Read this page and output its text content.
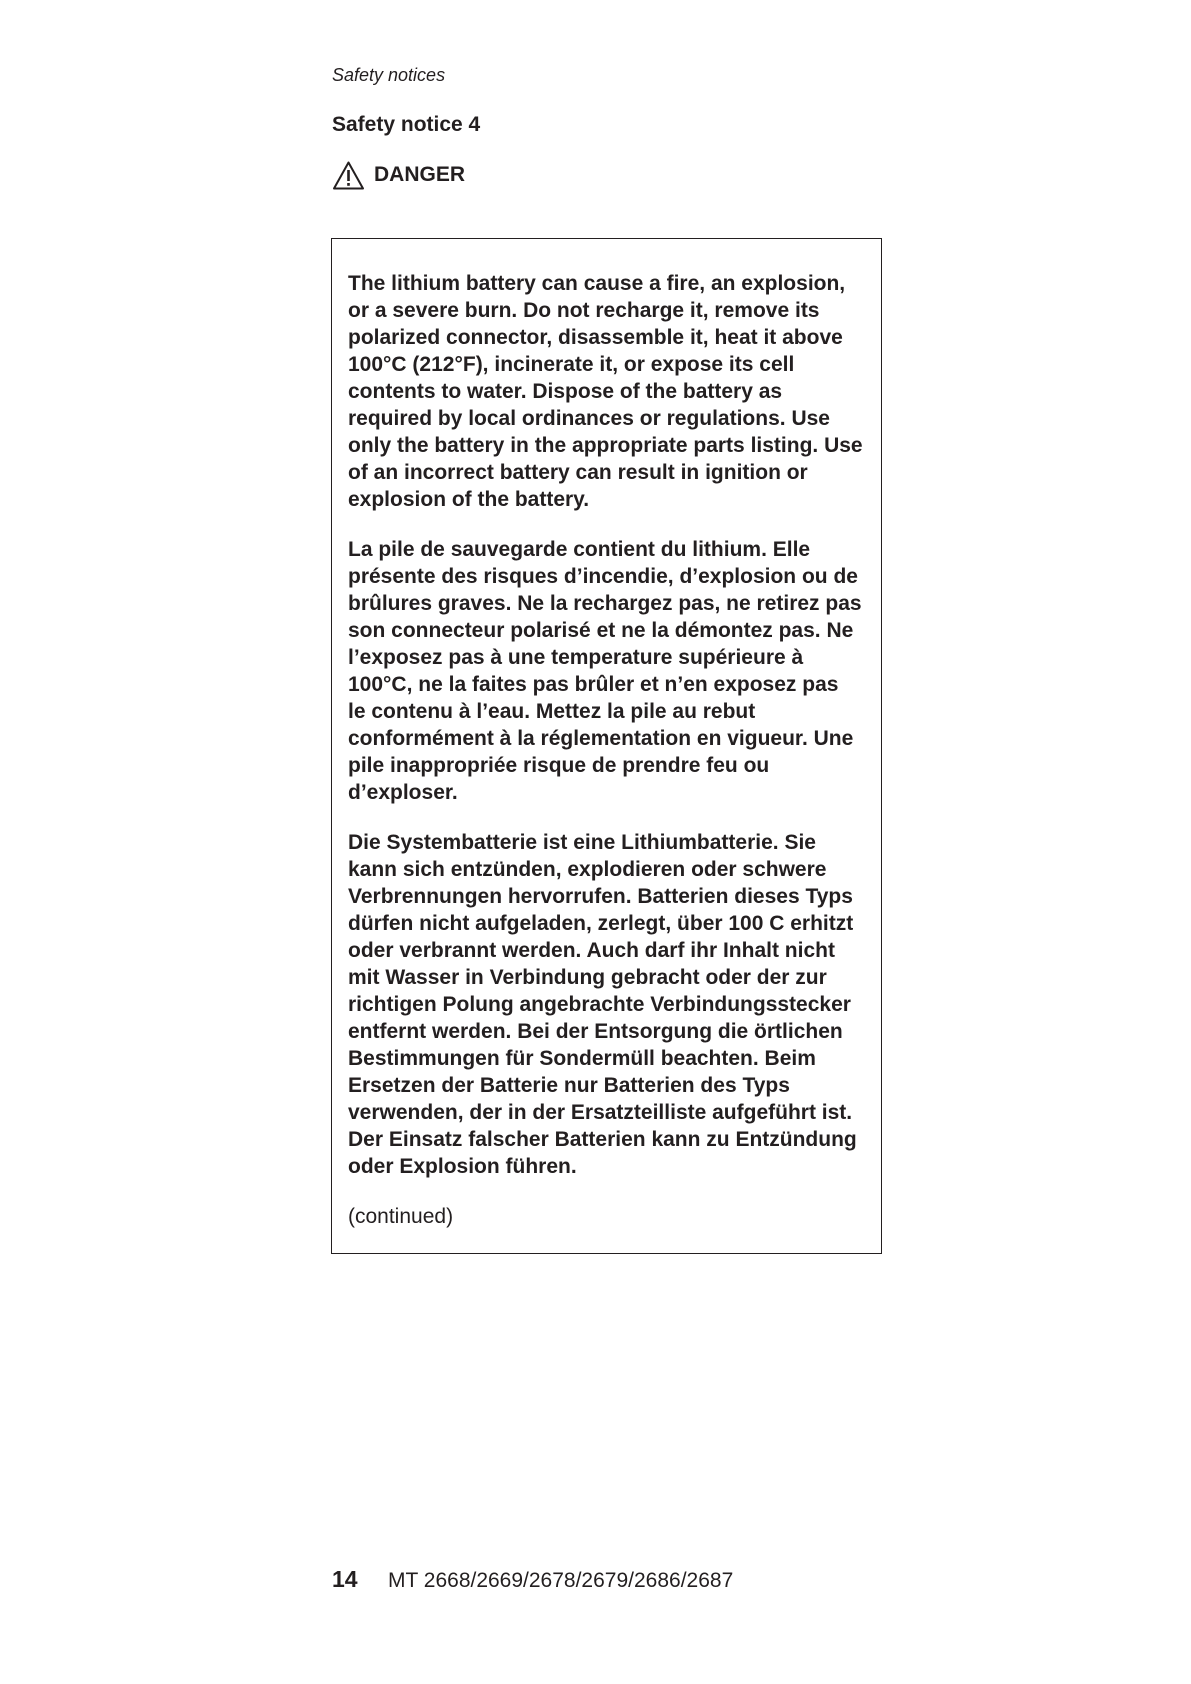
Safety notices
Safety notice 4
DANGER

The lithium battery can cause a fire, an explosion,
or a severe burn. Do not recharge it, remove its
polarized connector, disassemble it, heat it above
100°C (212°F), incinerate it, or expose its cell
contents to water. Dispose of the battery as
required by local ordinances or regulations. Use
only the battery in the appropriate parts listing. Use
of an incorrect battery can result in ignition or
explosion of the battery.

La pile de sauvegarde contient du lithium. Elle
présente des risques d’incendie, d’explosion ou de
brûlures graves. Ne la rechargez pas, ne retirez pas
son connecteur polarisé et ne la démontez pas. Ne
l’exposez pas à une temperature supérieure à
100°C, ne la faites pas brûler et n’en exposez pas
le contenu à l’eau. Mettez la pile au rebut
conformément à la réglementation en vigueur. Une
pile inappropriée risque de prendre feu ou
d’exploser.

Die Systembatterie ist eine Lithiumbatterie. Sie
kann sich entzünden, explodieren oder schwere
Verbrennungen hervorrufen. Batterien dieses Typs
dürfen nicht aufgeladen, zerlegt, über 100 C erhitzt
oder verbrannt werden. Auch darf ihr Inhalt nicht
mit Wasser in Verbindung gebracht oder der zur
richtigen Polung angebrachte Verbindungsstecker
entfernt werden. Bei der Entsorgung die örtlichen
Bestimmungen für Sondermüll beachten. Beim
Ersetzen der Batterie nur Batterien des Typs
verwenden, der in der Ersatzteilliste aufgeführt ist.
Der Einsatz falscher Batterien kann zu Entzündung
oder Explosion führen.

(continued)

14	MT 2668/2669/2678/2679/2686/2687
